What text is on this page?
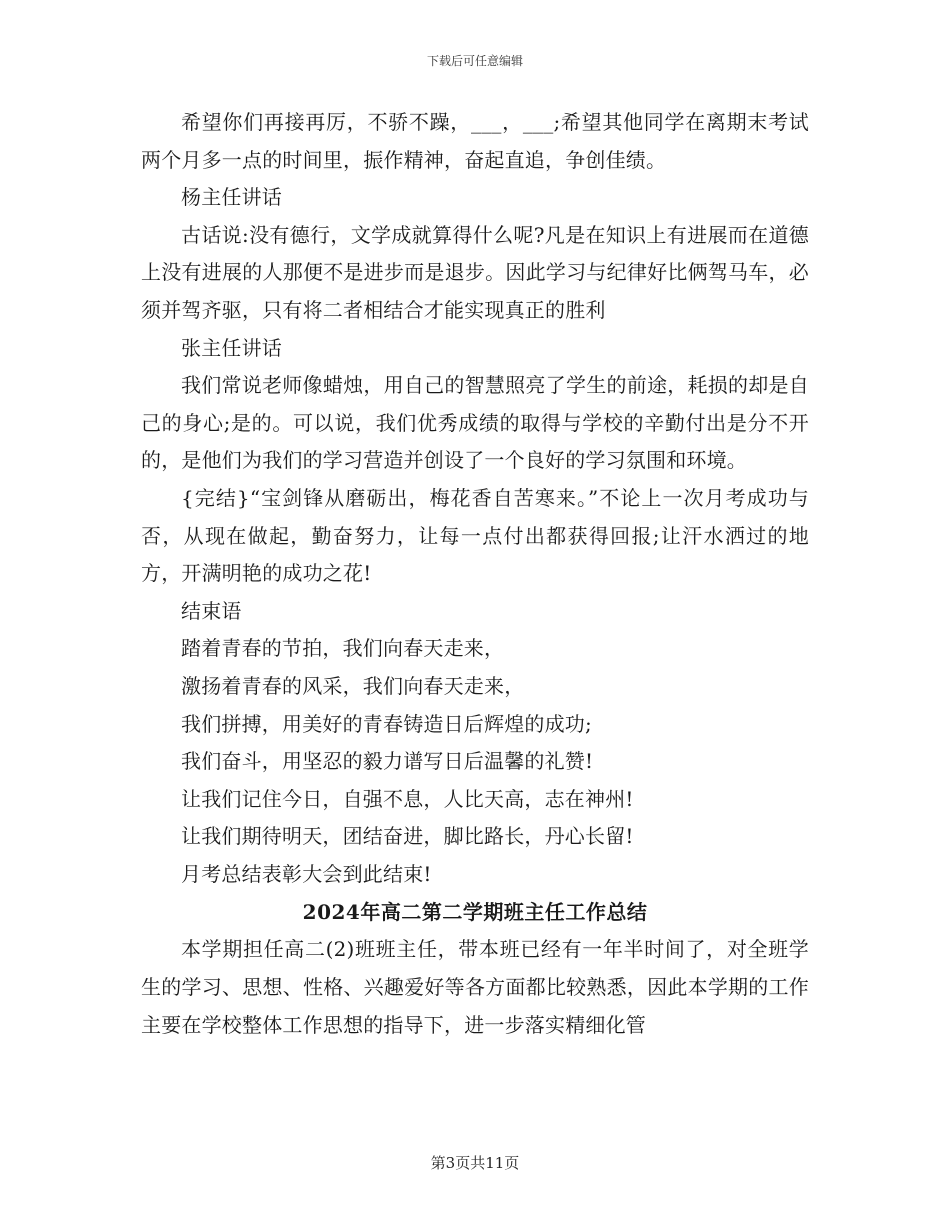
下载后可任意编辑

希望你们再接再厉，不骄不躁，___，___;希望其他同学在离期末考试两个月多一点的时间里，振作精神，奋起直追，争创佳绩。

杨主任讲话

古话说:没有德行，文学成就算得什么呢?凡是在知识上有进展而在道德上没有进展的人那便不是进步而是退步。因此学习与纪律好比俩驾马车，必须并驾齐驱，只有将二者相结合才能实现真正的胜利

张主任讲话

我们常说老师像蜡烛，用自己的智慧照亮了学生的前途，耗损的却是自己的身心;是的。可以说，我们优秀成绩的取得与学校的辛勤付出是分不开的，是他们为我们的学习营造并创设了一个良好的学习氛围和环境。

{完结}“宝剑锋从磨砺出，梅花香自苦寒来。”不论上一次月考成功与否，从现在做起，勤奋努力，让每一点付出都获得回报;让汗水洒过的地方，开满明艳的成功之花!

结束语

踏着青春的节拍，我们向春天走来，

激扬着青春的风采，我们向春天走来，

我们拼搏，用美好的青春铸造日后辉煌的成功;

我们奋斗，用坚忍的毅力谱写日后温馨的礼赞!

让我们记住今日，自强不息，人比天高，志在神州!

让我们期待明天，团结奋进，脚比路长，丹心长留!

月考总结表彰大会到此结束!

2024年高二第二学期班主任工作总结

本学期担任高二(2)班班主任，带本班已经有一年半时间了，对全班学生的学习、思想、性格、兴趣爱好等各方面都比较熟悉，因此本学期的工作主要在学校整体工作思想的指导下，进一步落实精细化管

第3页共11页
